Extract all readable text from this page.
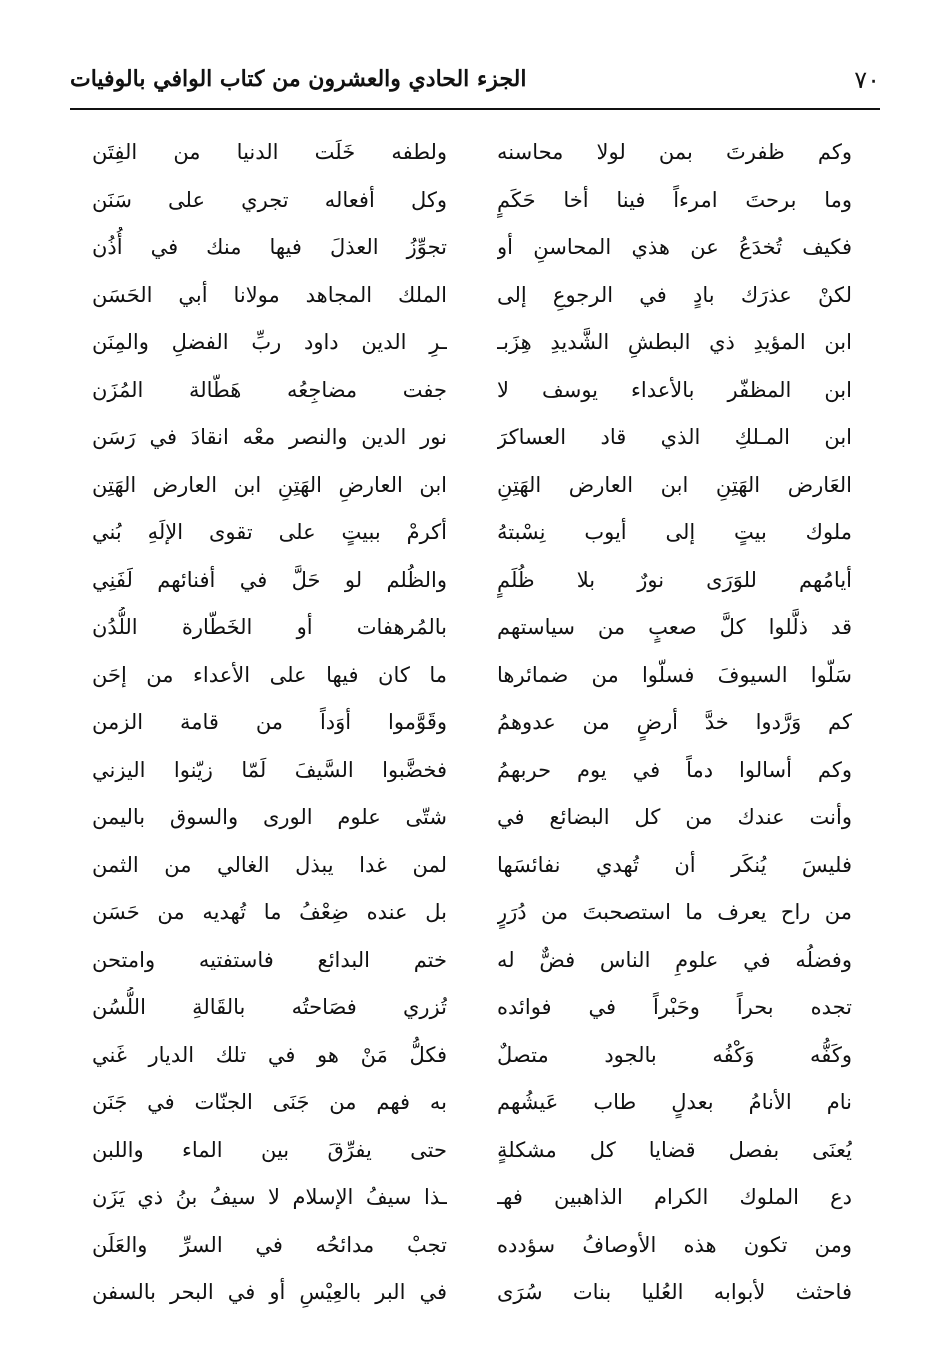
٧٠
الجزء الحادي والعشرون من كتاب الوافي بالوفيات
وكم ظفرتَ بمن لولا محاسنه
ولطفه خَلَت الدنيا من الفِتَن
وما برحتَ امرءاً فينا أخا حَكَمٍ
وكل أفعاله تجري على سَنَن
فكيف تُخدَعُ عن هذي المحاسنِ أو
تجوِّزُ العذلَ فيها منك في أُذُن
لكنْ عذرَك بادٍ في الرجوعِ إلى
الملك المجاهد مولانا أبي الحَسَن
ابن المؤيدِ ذي البطشِ الشَّديدِ هِزَبـ
ـرِ الدين داود ربِّ الفضلِ والمِنَن
ابن المظفّر بالأعداء يوسف لا
جفت مضاجِعُه هَطّالة المُزَن
ابن المـلكِ الذي قاد العساكرَ
نور الدين والنصر معْه انقادَ في رَسَن
العَارض الهَتِنِ ابن العارض الهَتِنِ
ابن العارضِ الهَتِنِ ابن العارض الهَتِن
ملوك بيتٍ إلى أيوب نِسْبتهُ
أكرمْ ببيتٍ على تقوى الإلَهِ بُني
أيامُهم للوَرَى نورٌ بلا ظُلَمٍ
والظُلم لو حَلَّ في أفنائهم لَفَنِي
قد ذلَّلوا كلَّ صعبٍ من سياستهم
بالمُرهفات أو الخَطّارة اللُّدُن
سَلّوا السيوفَ فسلّوا من ضمائرها
ما كان فيها على الأعداء من إحَن
كم وَرَّدوا خدَّ أرضٍ من عدوهمُ
وقَوَّموا أوَداً من قامة الزمن
وكم أسالوا دماً في يوم حربهمُ
فخضَّبوا السَّيفَ لَمّا زيّنوا اليزني
وأنت عندك من كل البضائع في
شتّى علوم الورى والسوق باليمن
فليسَ يُنكَر أن تُهدي نفائسَها
لمن غدا يبذل الغالي من الثمن
من راح يعرف ما استصحبتَ من دُرَرٍ
بل عنده ضِعْفُ ما تُهديه من حَسَن
وفضلُه في علومِ الناس فضٌّ له
ختم البدائع فاستفتيه وامتحن
تجده بحراً وحَبْراً في فوائده
تُزري فصَاحتُه بالقَالةِ اللُّسُن
وكَفُّه وَكْفُه بالجود متصلٌ
فكلُّ مَنْ هو في تلك الديار غَني
نام الأنامُ بعدلٍ طاب عَيشُهم
به فهم من جَنَى الجنّات في جَنَن
يُعنَى بفصل قضايا كل مشكلةٍ
حتى يفرِّقَ بين الماء واللبن
دع الملوك الكرام الذاهبين فهـ
ـذا سيفُ الإسلام لا سيفُ بنُ ذي يَزَن
ومن تكون هذه الأوصافُ سؤدده
تجبْ مدائحُه في السرِّ والعَلَن
فاحثث لأبوابه العُليا بنات سُرَى
في البر بالعِيْسِ أو في البحر بالسفن
